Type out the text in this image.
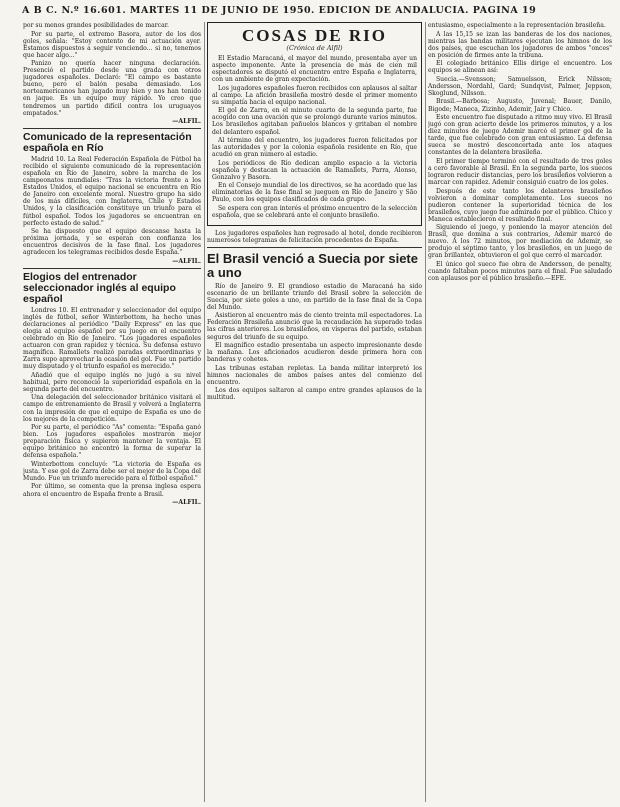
A B C. N.º 16.601. MARTES 11 DE JUNIO DE 1950. EDICION DE ANDALUCIA. PAGINA 19

por su menos grandes posibilidades de marcar.

Por su parte, el extremo Basora, autor de los dos goles, señala: "Estoy contento de mi actuación ayer. Estamos dispuestos a seguir venciendo... si no, tenemos que hacer algo..."

Panizo no quería hacer ninguna declaración. Presenció el partido desde una grada con otros jugadores españoles. Declaró: "El campo es bastante bueno, pero el balón pesaba demasiado. Los norteamericanos han jugado muy bien y nos han tenido en jaque. Es un equipo muy rápido. Yo creo que tendremos un partido difícil contra los uruguayos empatados."

—ALFIL.
Comunicado de la representación española en Río

Madrid 10. La Real Federación Española de Fútbol ha recibido el siguiente comunicado de la representación española en Río de Janeiro, sobre la marcha de los campeonatos mundiales: "Tras la victoria frente a los Estados Unidos, el equipo nacional se encuentra en Río de Janeiro con excelente moral. Nuestro grupo ha sido de los más difíciles, con Inglaterra, Chile y Estados Unidos, y la clasificación constituye un triunfo para el fútbol español. Todos los jugadores se encuentran en perfecto estado de salud."

Se ha dispuesto que el equipo descanse hasta la próxima jornada, y se esperan con confianza los encuentros decisivos de la fase final. Los jugadores agradecen los telegramas recibidos desde España."

—ALFIL.
Elogios del entrenador seleccionador inglés al equipo español

Londres 10. El entrenador y seleccionador del equipo inglés de fútbol, señor Winterbottom, ha hecho unas declaraciones al periódico "Daily Express" en las que elogia al equipo español por su juego en el encuentro celebrado en Río de Janeiro. "Los jugadores españoles actuaron con gran rapidez y técnica. Su defensa estuvo magnífica. Ramallets realizó paradas extraordinarias y Zarra supo aprovechar la ocasión del gol. Fue un partido muy disputado y el triunfo español es merecido."

Añadió que el equipo inglés no jugó a su nivel habitual, pero reconoció la superioridad española en la segunda parte del encuentro.

Una delegación del seleccionador británico visitará el campo de entrenamiento de Brasil y volverá a Inglaterra con la impresión de que el equipo de España es uno de los mejores de la competición.

Por su parte, el periódico "As" comenta: "España ganó bien. Los jugadores españoles mostraron mejor preparación física y supieron mantener la ventaja. El equipo británico no encontró la forma de superar la defensa española."

Winterbottom concluyó: "La victoria de España es justa. Y ese gol de Zarra debe ser el mejor de la Copa del Mundo. Fue un triunfo merecido para el fútbol español."

Por último, se comenta que la prensa inglesa espera ahora el encuentro de España frente a Brasil.

—ALFIL.
COSAS DE RIO
(Crónica de Alfil)

El Estadio Maracaná, el mayor del mundo, presentaba ayer un aspecto imponente. Ante la presencia de más de cien mil espectadores se disputó el encuentro entre España e Inglaterra, con un ambiente de gran expectación.

Los jugadores españoles fueron recibidos con aplausos al saltar al campo. La afición brasileña mostró desde el primer momento su simpatía hacia el equipo nacional.

El gol de Zarra, en el minuto cuarto de la segunda parte, fue acogido con una ovación que se prolongó durante varios minutos. Los brasileños agitaban pañuelos blancos y gritaban el nombre del delantero español.

Al término del encuentro, los jugadores fueron felicitados por las autoridades y por la colonia española residente en Río, que acudió en gran número al estadio.

Los periódicos de Río dedican amplio espacio a la victoria española y destacan la actuación de Ramallets, Parra, Alonso, Gonzalvo y Basora.

En el Consejo mundial de los directivos, se ha acordado que las eliminatorias de la fase final se jueguen en Río de Janeiro y São Paulo, con los equipos clasificados de cada grupo.

Se espera con gran interés el próximo encuentro de la selección española, que se celebrará ante el conjunto brasileño.

Los jugadores españoles han regresado al hotel, donde recibieron numerosos telegramas de felicitación procedentes de España.

El Brasil venció a Suecia por siete a uno

Río de Janeiro 9. El grandioso estadio de Maracaná ha sido escenario de un brillante triunfo del Brasil sobre la selección de Suecia, por siete goles a uno, en partido de la fase final de la Copa del Mundo.

Asistieron al encuentro más de ciento treinta mil espectadores. La Federación Brasileña anunció que la recaudación ha superado todas las cifras anteriores. Los brasileños, en vísperas del partido, estaban seguros del triunfo de su equipo.

El magnífico estadio presentaba un aspecto impresionante desde la mañana. Los aficionados acudieron desde primera hora con banderas y cohetes.

Las tribunas estaban repletas. La banda militar interpretó los himnos nacionales de ambos países antes del comienzo del encuentro.

Los dos equipos saltaron al campo entre grandes aplausos de la multitud.

entusiasmo, especialmente a la representación brasileña.

A las 15,15 se izan las banderas de los dos naciones, mientras las bandas militares ejecutan los himnos de los dos países, que escuchan los jugadores de ambos "onces" en posición de firmes ante la tribuna.

El colegiado británico Ellis dirige el encuentro. Los equipos se alinean así:

Suecia.—Svensson; Samuelsson, Erick Nilsson; Andersson, Nordahl, Gard; Sundqvist, Palmer, Jeppson, Skoglund, Nilsson.

Brasil.—Barbosa; Augusto, Juvenal; Bauer, Danilo, Bigode; Maneca, Zizinho, Ademir, Jair y Chico.

Este encuentro fue disputado a ritmo muy vivo. El Brasil jugó con gran acierto desde los primeros minutos, y a los diez minutos de juego Ademir marcó el primer gol de la tarde, que fue celebrado con gran entusiasmo. La defensa sueca se mostró desconcertada ante los ataques constantes de la delantera brasileña.

El primer tiempo terminó con el resultado de tres goles a cero favorable al Brasil. En la segunda parte, los suecos lograron reducir distancias, pero los brasileños volvieron a marcar con rapidez. Ademir consiguió cuatro de los goles.

Después de este tanto los delanteros brasileños volvieron a dominar completamente. Los suecos no pudieron contener la superioridad técnica de los brasileños, cuyo juego fue admirado por el público. Chico y Maneca establecieron el resultado final.

Siguiendo el juego, y poniendo la mayor atención del Brasil, que domina a sus contrarios, Ademir marcó de nuevo. A los 72 minutos, por mediación de Ademir, se produjo el séptimo tanto, y los brasileños, en un juego de gran brillantez, obtuvieron el gol que cerró el marcador.

El único gol sueco fue obra de Andersson, de penalty, cuando faltaban pocos minutos para el final. Fue saludado con aplausos por el público brasileño.—EFE.
